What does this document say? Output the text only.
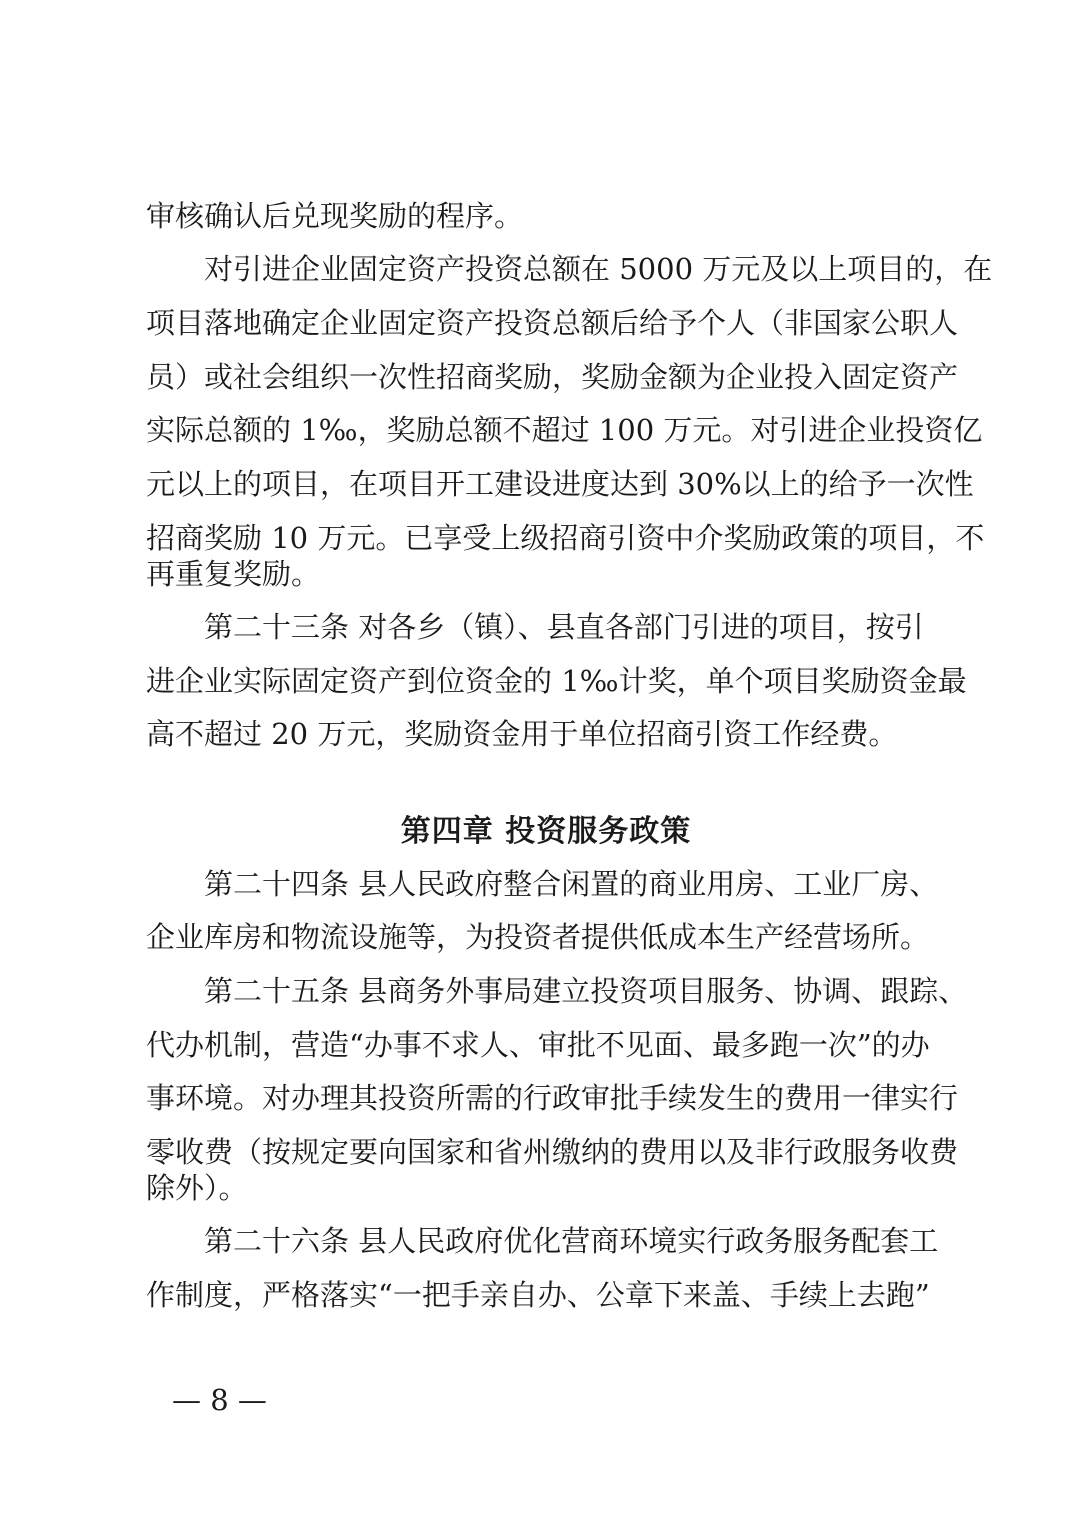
审核确认后兑现奖励的程序。
对引进企业固定资产投资总额在 5000 万元及以上项目的，在
项目落地确定企业固定资产投资总额后给予个人（非国家公职人
员）或社会组织一次性招商奖励，奖励金额为企业投入固定资产
实际总额的 1‰，奖励总额不超过 100 万元。对引进企业投资亿
元以上的项目，在项目开工建设进度达到 30%以上的给予一次性
招商奖励 10 万元。已享受上级招商引资中介奖励政策的项目，不
再重复奖励。
第二十三条 对各乡（镇）、县直各部门引进的项目，按引
进企业实际固定资产到位资金的 1‰计奖，单个项目奖励资金最
高不超过 20 万元，奖励资金用于单位招商引资工作经费。
第四章 投资服务政策
第二十四条 县人民政府整合闲置的商业用房、工业厂房、
企业库房和物流设施等，为投资者提供低成本生产经营场所。
第二十五条 县商务外事局建立投资项目服务、协调、跟踪、
代办机制，营造“办事不求人、审批不见面、最多跑一次”的办
事环境。对办理其投资所需的行政审批手续发生的费用一律实行
零收费（按规定要向国家和省州缴纳的费用以及非行政服务收费
除外）。
第二十六条 县人民政府优化营商环境实行政务服务配套工
作制度，严格落实“一把手亲自办、公章下来盖、手续上去跑”
— 8 —
